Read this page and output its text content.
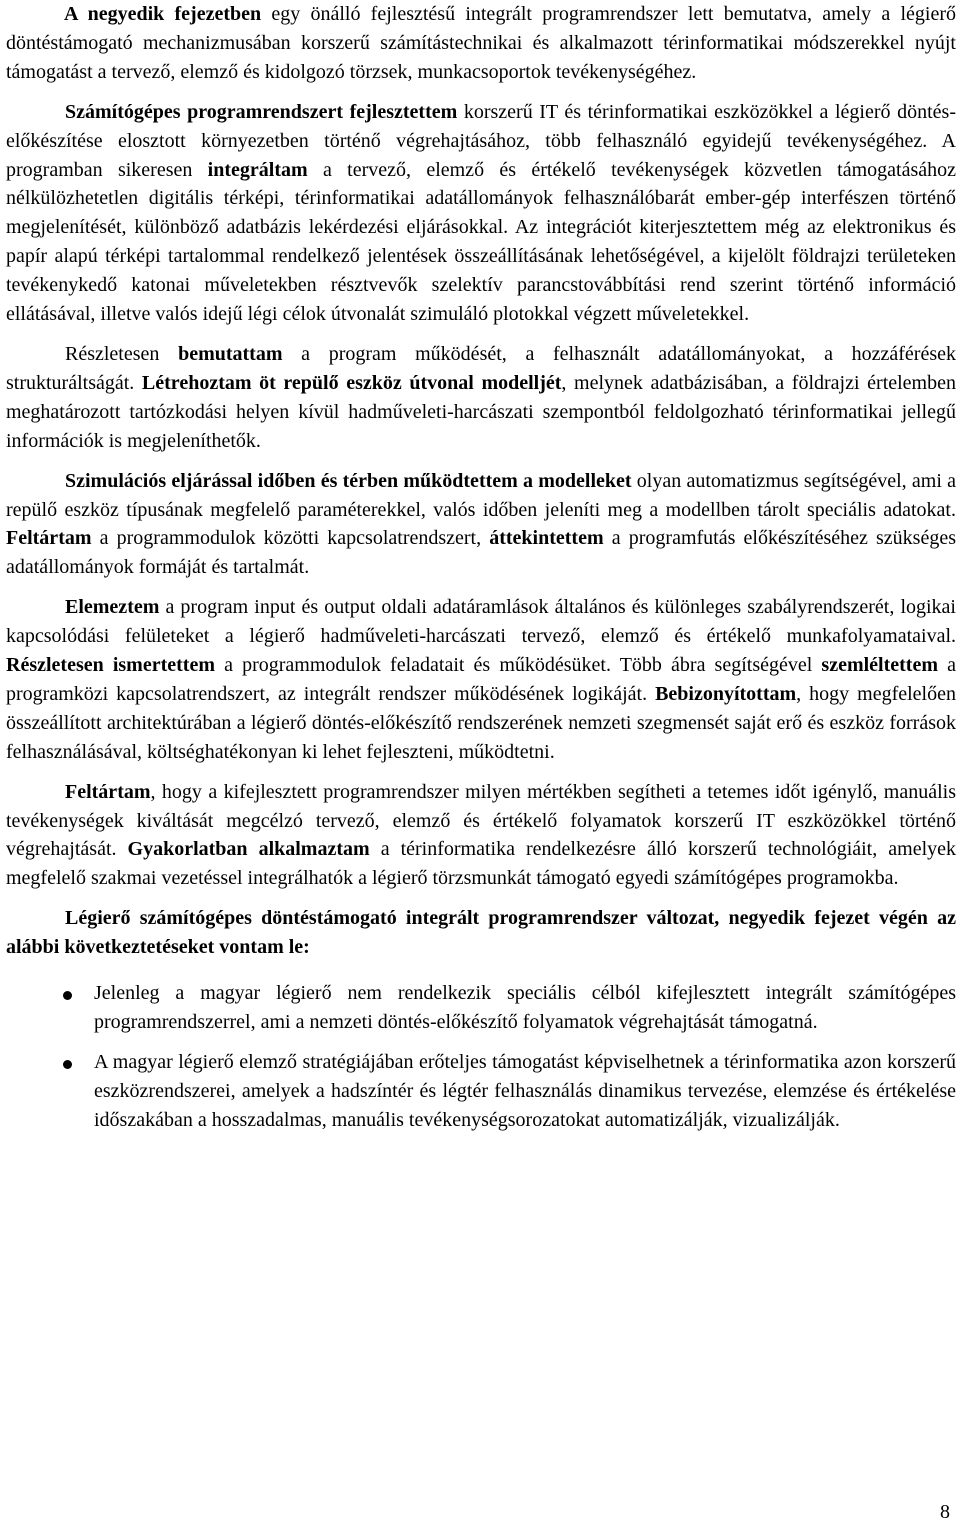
A negyedik fejezetben egy önálló fejlesztésű integrált programrendszer lett bemutatva, amely a légierő döntéstámogató mechanizmusában korszerű számítástechnikai és alkalmazott térinformatikai módszerekkel nyújt támogatást a tervező, elemző és kidolgozó törzsek, munkacsoportok tevékenységéhez.

Számítógépes programrendszert fejlesztettem korszerű IT és térinformatikai eszközökkel a légierő döntés-előkészítése elosztott környezetben történő végrehajtásához, több felhasználó egyidejű tevékenységéhez. A programban sikeresen integráltam a tervező, elemző és értékelő tevékenységek közvetlen támogatásához nélkülözhetetlen digitális térképi, térinformatikai adatállományok felhasználóbarát ember-gép interfészen történő megjelenítését, különböző adatbázis lekérdezési eljárásokkal. Az integrációt kiterjesztettem még az elektronikus és papír alapú térképi tartalommal rendelkező jelentések összeállításának lehetőségével, a kijelölt földrajzi területeken tevékenykedő katonai műveletekben résztvevők szelektív parancstovábbítási rend szerint történő információ ellátásával, illetve valós idejű légi célok útvonalát szimuláló plotokkal végzett műveletekkel.

Részletesen bemutattam a program működését, a felhasznált adatállományokat, a hozzáférések strukturáltságát. Létrehoztam öt repülő eszköz útvonal modelljét, melynek adatbázisában, a földrajzi értelemben meghatározott tartózkodási helyen kívül hadműveleti-harcászati szempontból feldolgozható térinformatikai jellegű információk is megjeleníthetők.

Szimulációs eljárással időben és térben működtettem a modelleket olyan automatizmus segítségével, ami a repülő eszköz típusának megfelelő paraméterekkel, valós időben jeleníti meg a modellben tárolt speciális adatokat. Feltártam a programmodulok közötti kapcsolatrendszert, áttekintettem a programfutás előkészítéséhez szükséges adatállományok formáját és tartalmát.

Elemeztem a program input és output oldali adatáramlások általános és különleges szabályrendszerét, logikai kapcsolódási felületeket a légierő hadműveleti-harcászati tervező, elemző és értékelő munkafolyamataival. Részletesen ismertettem a programmodulok feladatait és működésüket. Több ábra segítségével szemléltettem a programközi kapcsolatrendszert, az integrált rendszer működésének logikáját. Bebizonyítottam, hogy megfelelően összeállított architektúrában a légierő döntés-előkészítő rendszerének nemzeti szegmensét saját erő és eszköz források felhasználásával, költséghatékonyan ki lehet fejleszteni, működtetni.

Feltártam, hogy a kifejlesztett programrendszer milyen mértékben segítheti a tetemes időt igénylő, manuális tevékenységek kiváltását megcélzó tervező, elemző és értékelő folyamatok korszerű IT eszközökkel történő végrehajtását. Gyakorlatban alkalmaztam a térinformatika rendelkezésre álló korszerű technológiáit, amelyek megfelelő szakmai vezetéssel integrálhatók a légierő törzsmunkát támogató egyedi számítógépes programokba.

Légierő számítógépes döntéstámogató integrált programrendszer változat, negyedik fejezet végén az alábbi következtetéseket vontam le:

Jelenleg a magyar légierő nem rendelkezik speciális célból kifejlesztett integrált számítógépes programrendszerrel, ami a nemzeti döntés-előkészítő folyamatok végrehajtását támogatná.
A magyar légierő elemző stratégiájában erőteljes támogatást képviselhetnek a térinformatika azon korszerű eszközrendszerei, amelyek a hadszíntér és légtér felhasználás dinamikus tervezése, elemzése és értékelése időszakában a hosszadalmas, manuális tevékenységsorozatokat automatizálják, vizualizálják.
8
